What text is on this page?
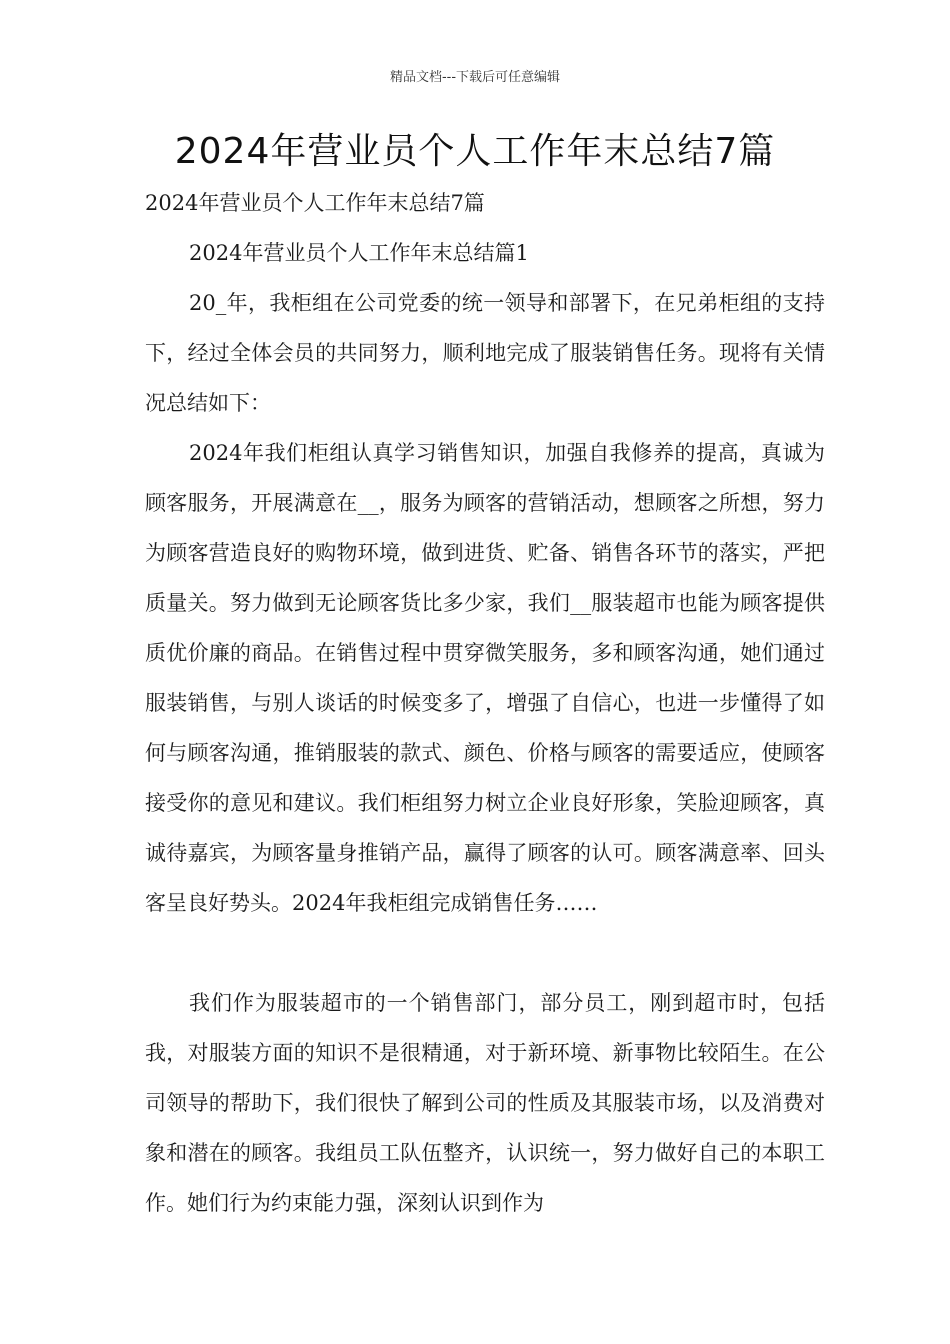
精品文档---下载后可任意编辑
2024年营业员个人工作年末总结7篇
2024年营业员个人工作年末总结7篇
2024年营业员个人工作年末总结篇1

20_年，我柜组在公司党委的统一领导和部署下，在兄弟柜组的支持下，经过全体会员的共同努力，顺利地完成了服装销售任务。现将有关情况总结如下：

2024年我们柜组认真学习销售知识，加强自我修养的提高，真诚为顾客服务，开展满意在__，服务为顾客的营销活动，想顾客之所想，努力为顾客营造良好的购物环境，做到进货、贮备、销售各环节的落实，严把质量关。努力做到无论顾客货比多少家，我们__服装超市也能为顾客提供质优价廉的商品。在销售过程中贯穿微笑服务，多和顾客沟通，她们通过服装销售，与别人谈话的时候变多了，增强了自信心，也进一步懂得了如何与顾客沟通，推销服装的款式、颜色、价格与顾客的需要适应，使顾客接受你的意见和建议。我们柜组努力树立企业良好形象，笑脸迎顾客，真诚待嘉宾，为顾客量身推销产品，赢得了顾客的认可。顾客满意率、回头客呈良好势头。2024年我柜组完成销售任务……

我们作为服装超市的一个销售部门，部分员工，刚到超市时，包括我，对服装方面的知识不是很精通，对于新环境、新事物比较陌生。在公司领导的帮助下，我们很快了解到公司的性质及其服装市场，以及消费对象和潜在的顾客。我组员工队伍整齐，认识统一，努力做好自己的本职工作。她们行为约束能力强，深刻认识到作为
